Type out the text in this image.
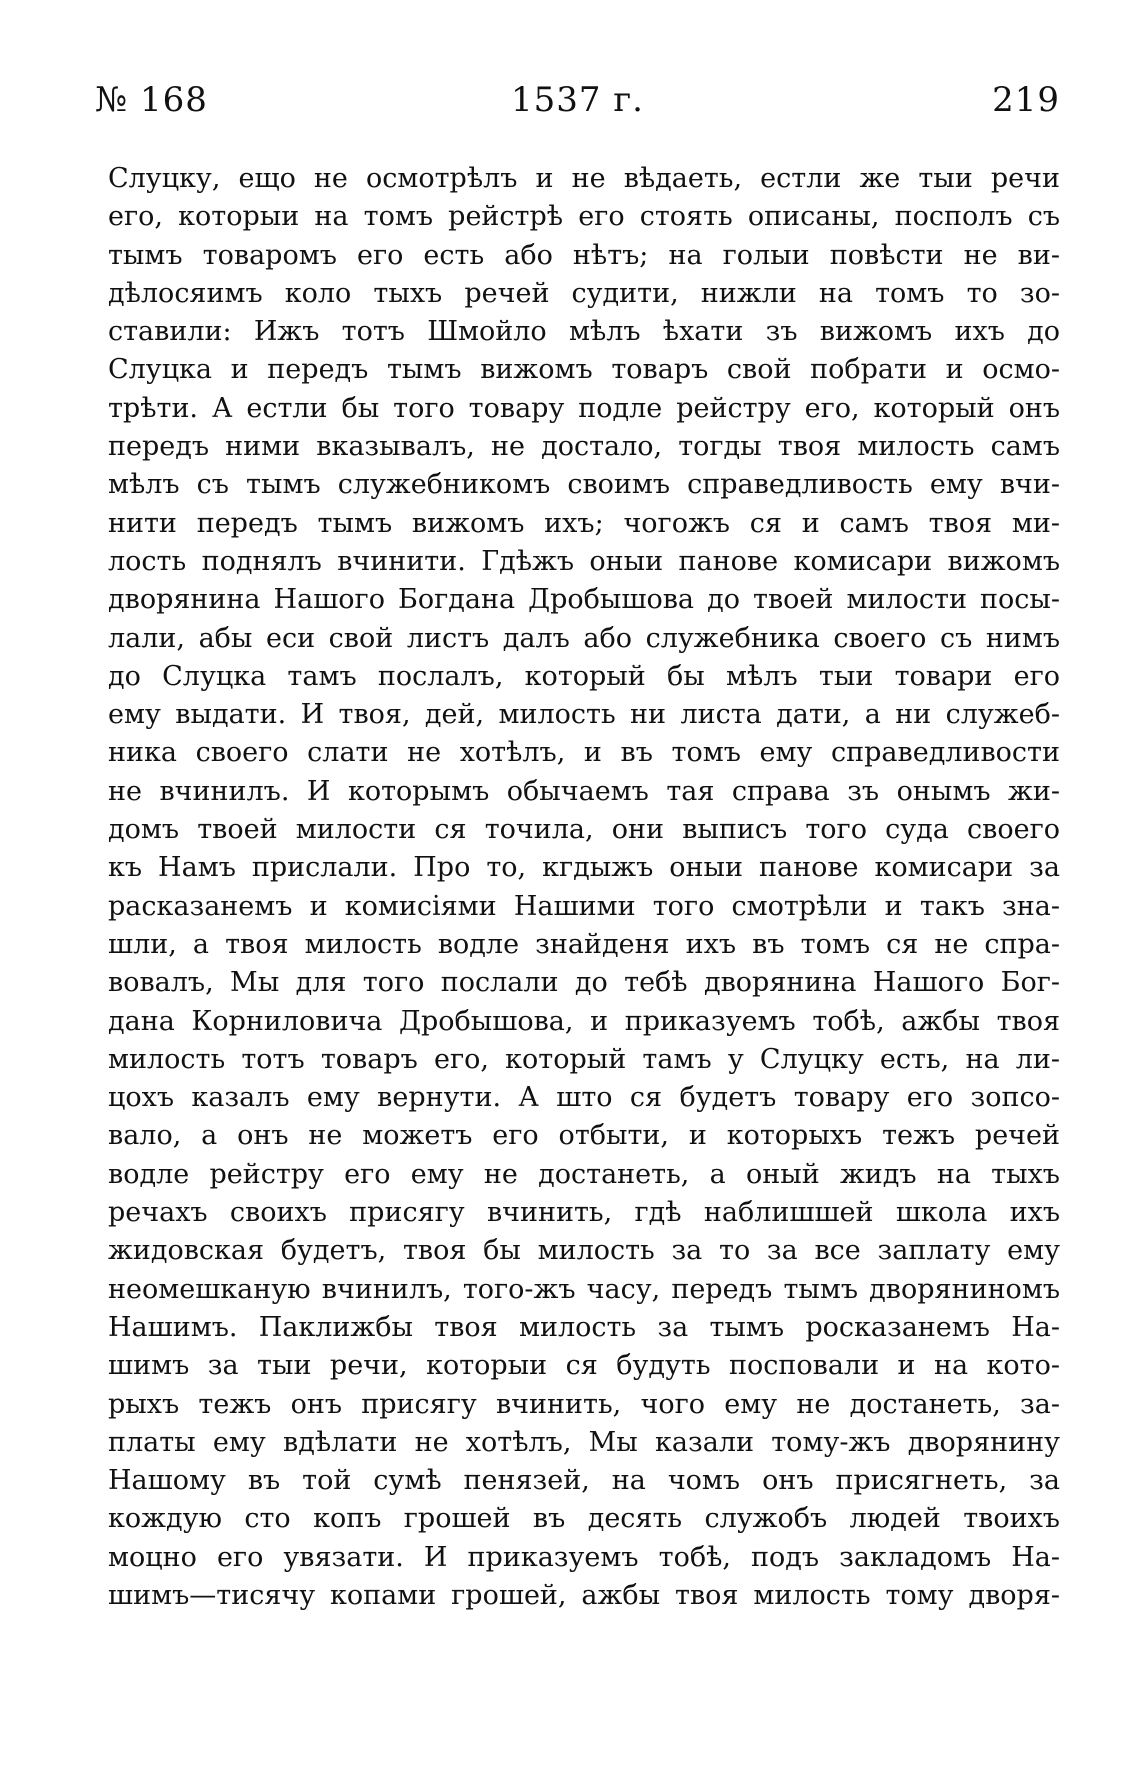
№ 168	1537 г.	219
Слуцку, ещо не осмотрѣлъ и не вѣдаеть, естли же тыи речи
его, которыи на томъ рейстрѣ его стоять описаны, посполъ съ
тымъ товаромъ его есть або нѣтъ; на голыи повѣсти не ви-
дѣлосяимъ коло тыхъ речей судити, нижли на томъ то зо-
ставили: Ижъ тотъ Шмойло мѣлъ ѣхати зъ вижомъ ихъ до
Слуцка и передъ тымъ вижомъ товаръ свой побрати и осмо-
трѣти. А естли бы того товару подле рейстру его, который онъ
передъ ними вказывалъ, не достало, тогды твоя милость самъ
мѣлъ съ тымъ служебникомъ своимъ справедливость ему вчи-
нити передъ тымъ вижомъ ихъ; чогожъ ся и самъ твоя ми-
лость поднялъ вчинити. Гдѣжъ оныи панове комисари вижомъ
дворянина Нашого Богдана Дробышова до твоей милости посы-
лали, абы еси свой листъ далъ або служебника своего съ нимъ
до Слуцка тамъ послалъ, который бы мѣлъ тыи товари его
ему выдати. И твоя, дей, милость ни листа дати, а ни служеб-
ника своего слати не хотѣлъ, и въ томъ ему справедливости
не вчинилъ. И которымъ обычаемъ тая справа зъ онымъ жи-
домъ твоей милости ся точила, они выписъ того суда своего
къ Намъ прислали. Про то, кгдыжъ оныи панове комисари за
расказанемъ и комисіями Нашими того смотрѣли и такъ зна-
шли, а твоя милость водле знайденя ихъ въ томъ ся не спра-
вовалъ, Мы для того послали до тебѣ дворянина Нашого Бог-
дана Корниловича Дробышова, и приказуемъ тобѣ, ажбы твоя
милость тотъ товаръ его, который тамъ у Слуцку есть, на ли-
цохъ казалъ ему вернути. А што ся будетъ товару его зопсо-
вало, а онъ не можетъ его отбыти, и которыхъ тежъ речей
водле рейстру его ему не достанеть, а оный жидъ на тыхъ
речахъ своихъ присягу вчинить, гдѣ наблишшей школа ихъ
жидовская будетъ, твоя бы милость за то за все заплату ему
неомешканую вчинилъ, того-жъ часу, передъ тымъ дворяниномъ
Нашимъ. Паклижбы твоя милость за тымъ росказанемъ На-
шимъ за тыи речи, которыи ся будуть посповали и на кото-
рыхъ тежъ онъ присягу вчинить, чого ему не достанеть, за-
платы ему вдѣлати не хотѣлъ, Мы казали тому-жъ дворянину
Нашому въ той сумѣ пенязей, на чомъ онъ присягнеть, за
кождую сто копъ грошей въ десять служобъ людей твоихъ
моцно его увязати. И приказуемъ тобѣ, подъ закладомъ На-
шимъ—тисячу копами грошей, ажбы твоя милость тому дворя-
